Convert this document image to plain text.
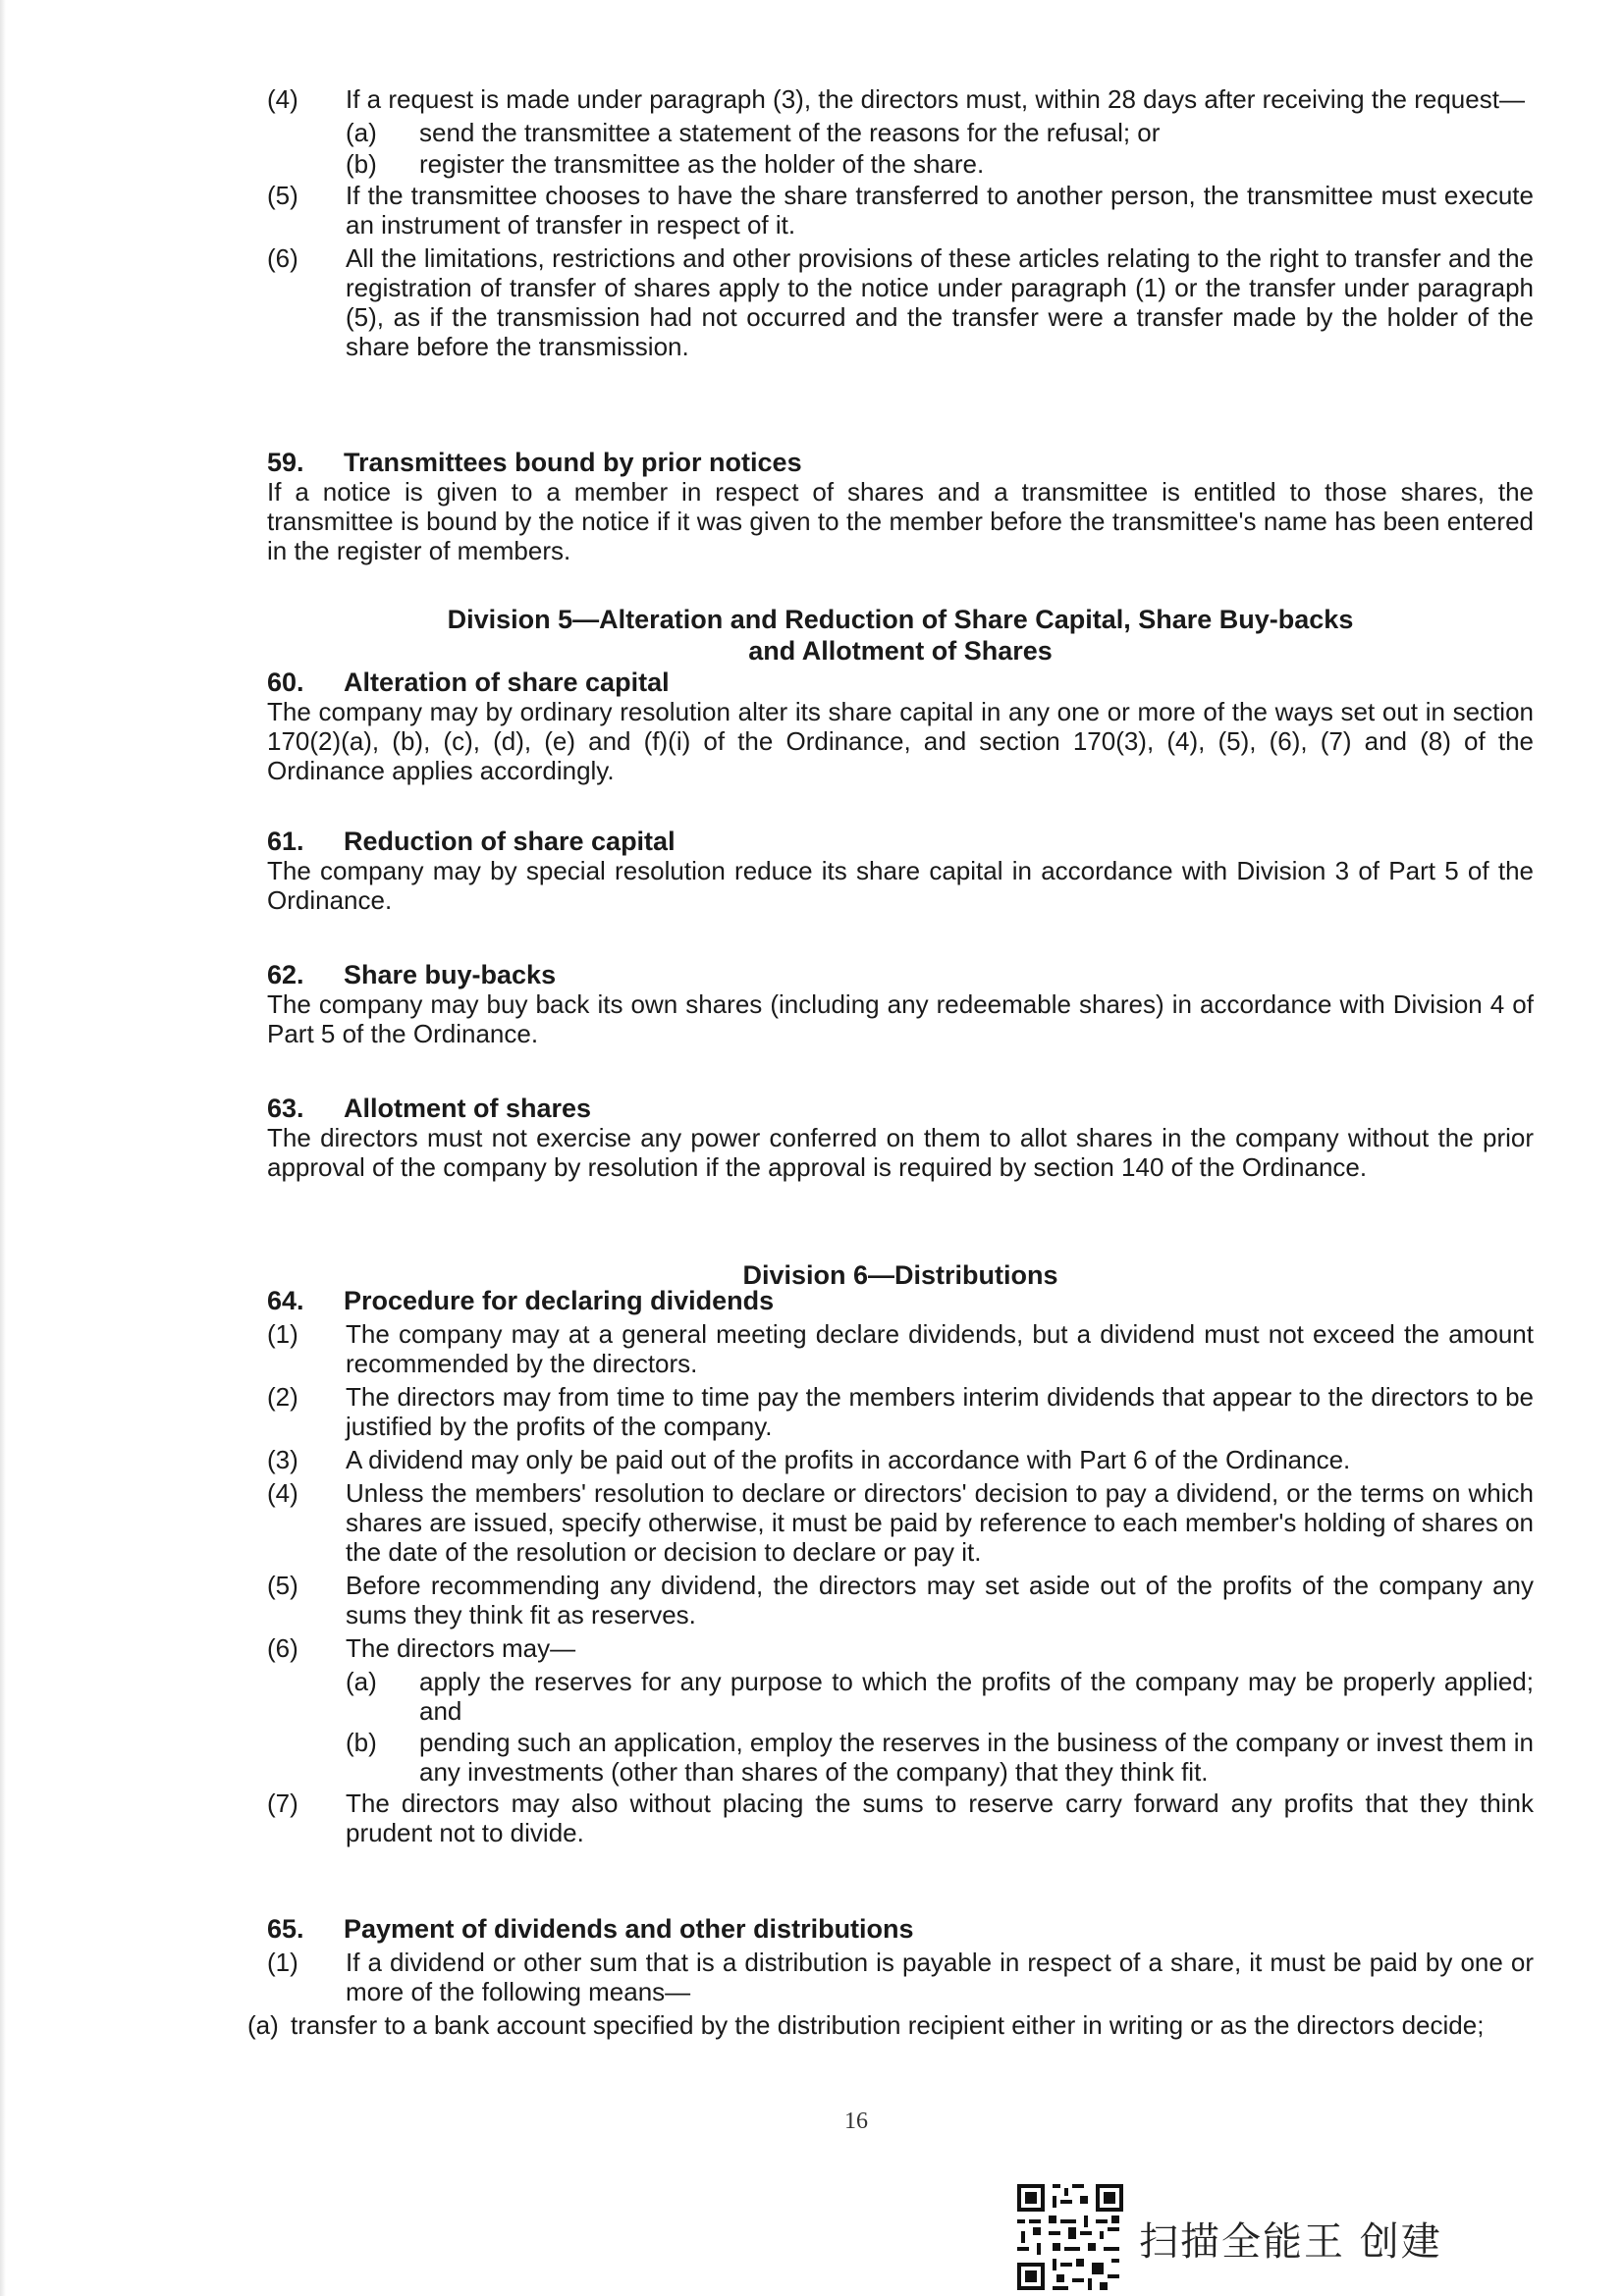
(4) If a request is made under paragraph (3), the directors must, within 28 days after receiving the request—
(a) send the transmittee a statement of the reasons for the refusal; or
(b) register the transmittee as the holder of the share.
(5) If the transmittee chooses to have the share transferred to another person, the transmittee must execute an instrument of transfer in respect of it.
(6) All the limitations, restrictions and other provisions of these articles relating to the right to transfer and the registration of transfer of shares apply to the notice under paragraph (1) or the transfer under paragraph (5), as if the transmission had not occurred and the transfer were a transfer made by the holder of the share before the transmission.

59. Transmittees bound by prior notices

If a notice is given to a member in respect of shares and a transmittee is entitled to those shares, the transmittee is bound by the notice if it was given to the member before the transmittee's name has been entered in the register of members.

Division 5—Alteration and Reduction of Share Capital, Share Buy-backs

and Allotment of Shares

60. Alteration of share capital

The company may by ordinary resolution alter its share capital in any one or more of the ways set out in section 170(2)(a), (b), (c), (d), (e) and (f)(i) of the Ordinance, and section 170(3), (4), (5), (6), (7) and (8) of the Ordinance applies accordingly.

61. Reduction of share capital

The company may by special resolution reduce its share capital in accordance with Division 3 of Part 5 of the Ordinance.

62. Share buy-backs

The company may buy back its own shares (including any redeemable shares) in accordance with Division 4 of Part 5 of the Ordinance.

63. Allotment of shares

The directors must not exercise any power conferred on them to allot shares in the company without the prior approval of the company by resolution if the approval is required by section 140 of the Ordinance.

Division 6—Distributions

64. Procedure for declaring dividends

(1) The company may at a general meeting declare dividends, but a dividend must not exceed the amount recommended by the directors.
(2) The directors may from time to time pay the members interim dividends that appear to the directors to be justified by the profits of the company.
(3) A dividend may only be paid out of the profits in accordance with Part 6 of the Ordinance.
(4) Unless the members' resolution to declare or directors' decision to pay a dividend, or the terms on which shares are issued, specify otherwise, it must be paid by reference to each member's holding of shares on the date of the resolution or decision to declare or pay it.
(5) Before recommending any dividend, the directors may set aside out of the profits of the company any sums they think fit as reserves.
(6) The directors may—
(a) apply the reserves for any purpose to which the profits of the company may be properly applied; and
(b) pending such an application, employ the reserves in the business of the company or invest them in any investments (other than shares of the company) that they think fit.
(7) The directors may also without placing the sums to reserve carry forward any profits that they think prudent not to divide.

65. Payment of dividends and other distributions

(1) If a dividend or other sum that is a distribution is payable in respect of a share, it must be paid by one or more of the following means—
(a) transfer to a bank account specified by the distribution recipient either in writing or as the directors decide;
16
扫描全能王 创建
